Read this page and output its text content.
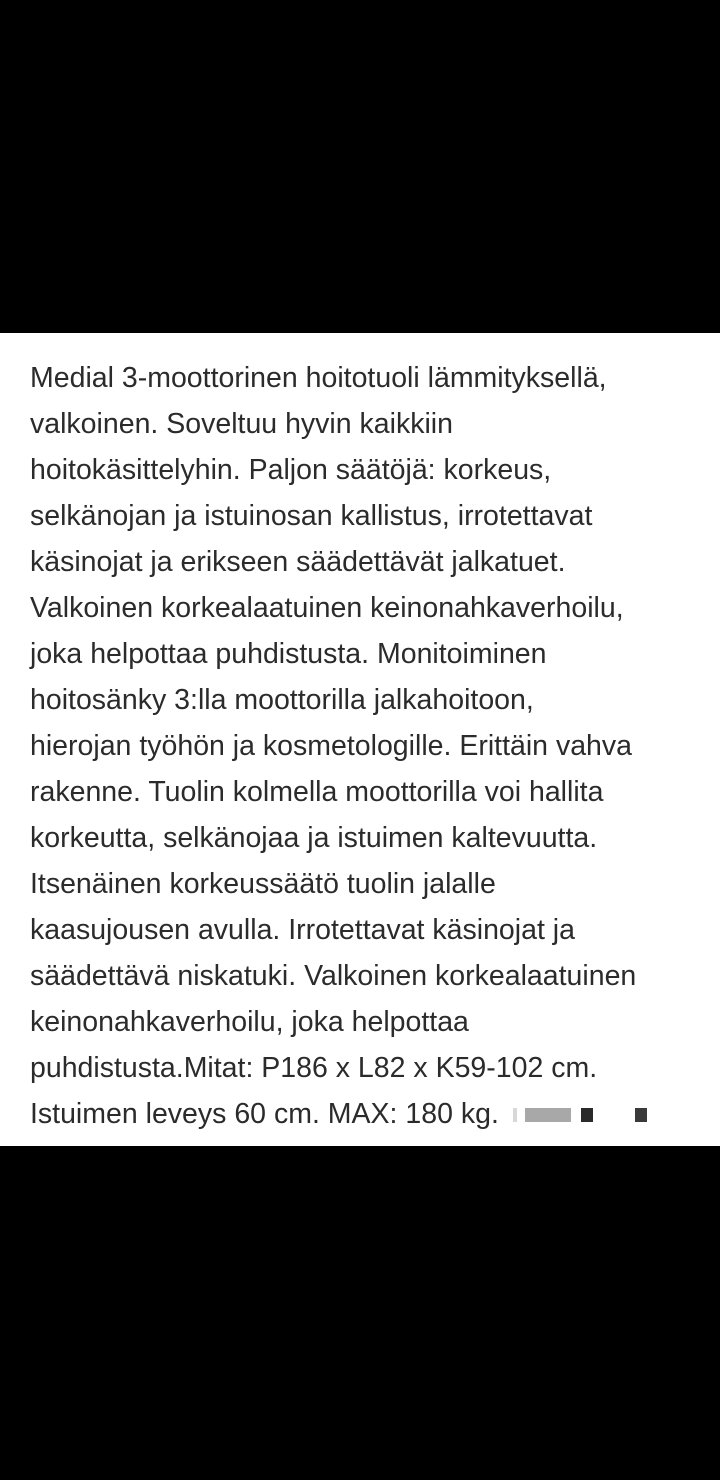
Medial 3-moottorinen hoitotuoli lämmityksellä,
valkoinen. Soveltuu hyvin kaikkiin
hoitokäsittelyhin. Paljon säätöjä: korkeus,
selkänojan ja istuinosan kallistus, irrotettavat
käsinojat ja erikseen säädettävät jalkatuet.
Valkoinen korkealaatuinen keinonahkaverhoilu,
joka helpottaa puhdistusta. Monitoiminen
hoitosänky 3:lla moottorilla jalkahoitoon,
hierojan työhön ja kosmetologille. Erittäin vahva
rakenne. Tuolin kolmella moottorilla voi hallita
korkeutta, selkänojaa ja istuimen kaltevuutta.
Itsenäinen korkeussäätö tuolin jalalle
kaasujousen avulla. Irrotettavat käsinojat ja
säädettävä niskatuki. Valkoinen korkealaatuinen
keinonahkaverhoilu, joka helpottaa
puhdistusta.Mitat: P186 x L82 x K59-102 cm.
Istuimen leveys 60 cm. MAX: 180 kg.
